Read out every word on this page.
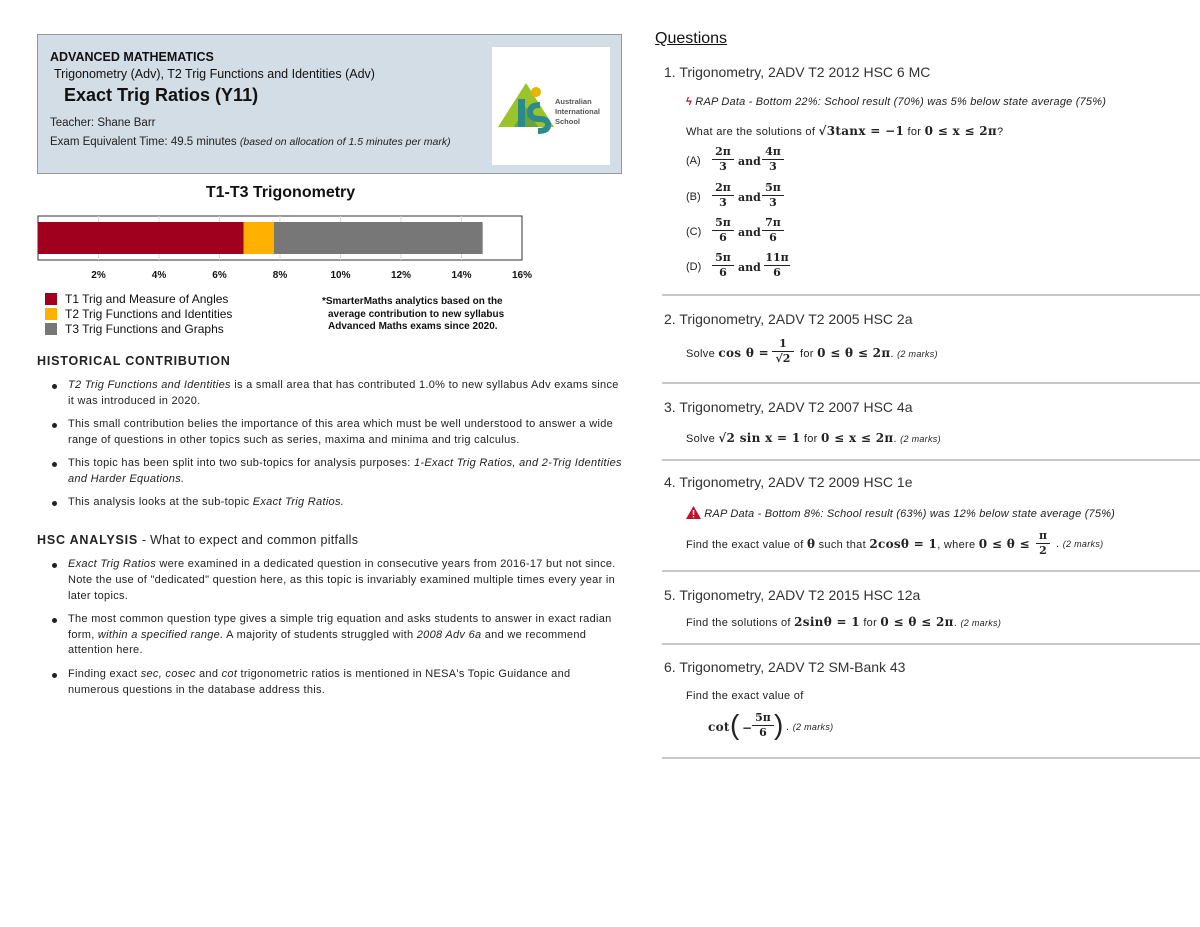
ADVANCED MATHEMATICS
Trigonometry (Adv), T2 Trig Functions and Identities (Adv)
Exact Trig Ratios (Y11)
Teacher: Shane Barr
Exam Equivalent Time: 49.5 minutes (based on allocation of 1.5 minutes per mark)
Australian
International
School
T1-T3 Trigonometry
2%	4%	6%	8%	10%	12%	14%	16%
T1 Trig and Measure of Angles
T2 Trig Functions and Identities
T3 Trig Functions and Graphs
*SmarterMaths analytics based on the
average contribution to new syllabus
Advanced Maths exams since 2020.
HISTORICAL CONTRIBUTION
T2 Trig Functions and Identities is a small area that has contributed 1.0% to new syllabus Adv exams since it was introduced in 2020.
This small contribution belies the importance of this area which must be well understood to answer a wide range of questions in other topics such as series, maxima and minima and trig calculus.
This topic has been split into two sub-topics for analysis purposes: 1-Exact Trig Ratios, and 2-Trig Identities and Harder Equations.
This analysis looks at the sub-topic Exact Trig Ratios.
HSC ANALYSIS - What to expect and common pitfalls
Exact Trig Ratios were examined in a dedicated question in consecutive years from 2016-17 but not since. Note the use of "dedicated" question here, as this topic is invariably examined multiple times every year in later topics.
The most common question type gives a simple trig equation and asks students to answer in exact radian form, within a specified range. A majority of students struggled with 2008 Adv 6a and we recommend attention here.
Finding exact sec, cosec and cot trigonometric ratios is mentioned in NESA's Topic Guidance and numerous questions in the database address this.
Questions
1. Trigonometry, 2ADV T2 2012 HSC 6 MC
ϟ RAP Data - Bottom 22%: School result (70%) was 5% below state average (75%)
What are the solutions of √3tanx = −1 for 0 ≤ x ≤ 2π?
(A)
2π
3	and
4π
3
(B)
2π
3	and
5π
3
(C)
5π
6	and
7π
6
(D)
5π
6	and
11π
6
2. Trigonometry, 2ADV T2 2005 HSC 2a
Solve cos θ =
1
√2 for 0 ≤ θ ≤ 2π. (2 marks)
3. Trigonometry, 2ADV T2 2007 HSC 4a
Solve √2 sin x = 1 for 0 ≤ x ≤ 2π. (2 marks)
4. Trigonometry, 2ADV T2 2009 HSC 1e
RAP Data - Bottom 8%: School result (63%) was 12% below state average (75%)
Find the exact value of θ such that 2cosθ = 1, where 0 ≤ θ ≤
π
2 . (2 marks)
5. Trigonometry, 2ADV T2 2015 HSC 12a
Find the solutions of 2sinθ = 1 for 0 ≤ θ ≤ 2π. (2 marks)
6. Trigonometry, 2ADV T2 SM-Bank 43
Find the exact value of
cot ( −
5π
6 ) . (2 marks)
